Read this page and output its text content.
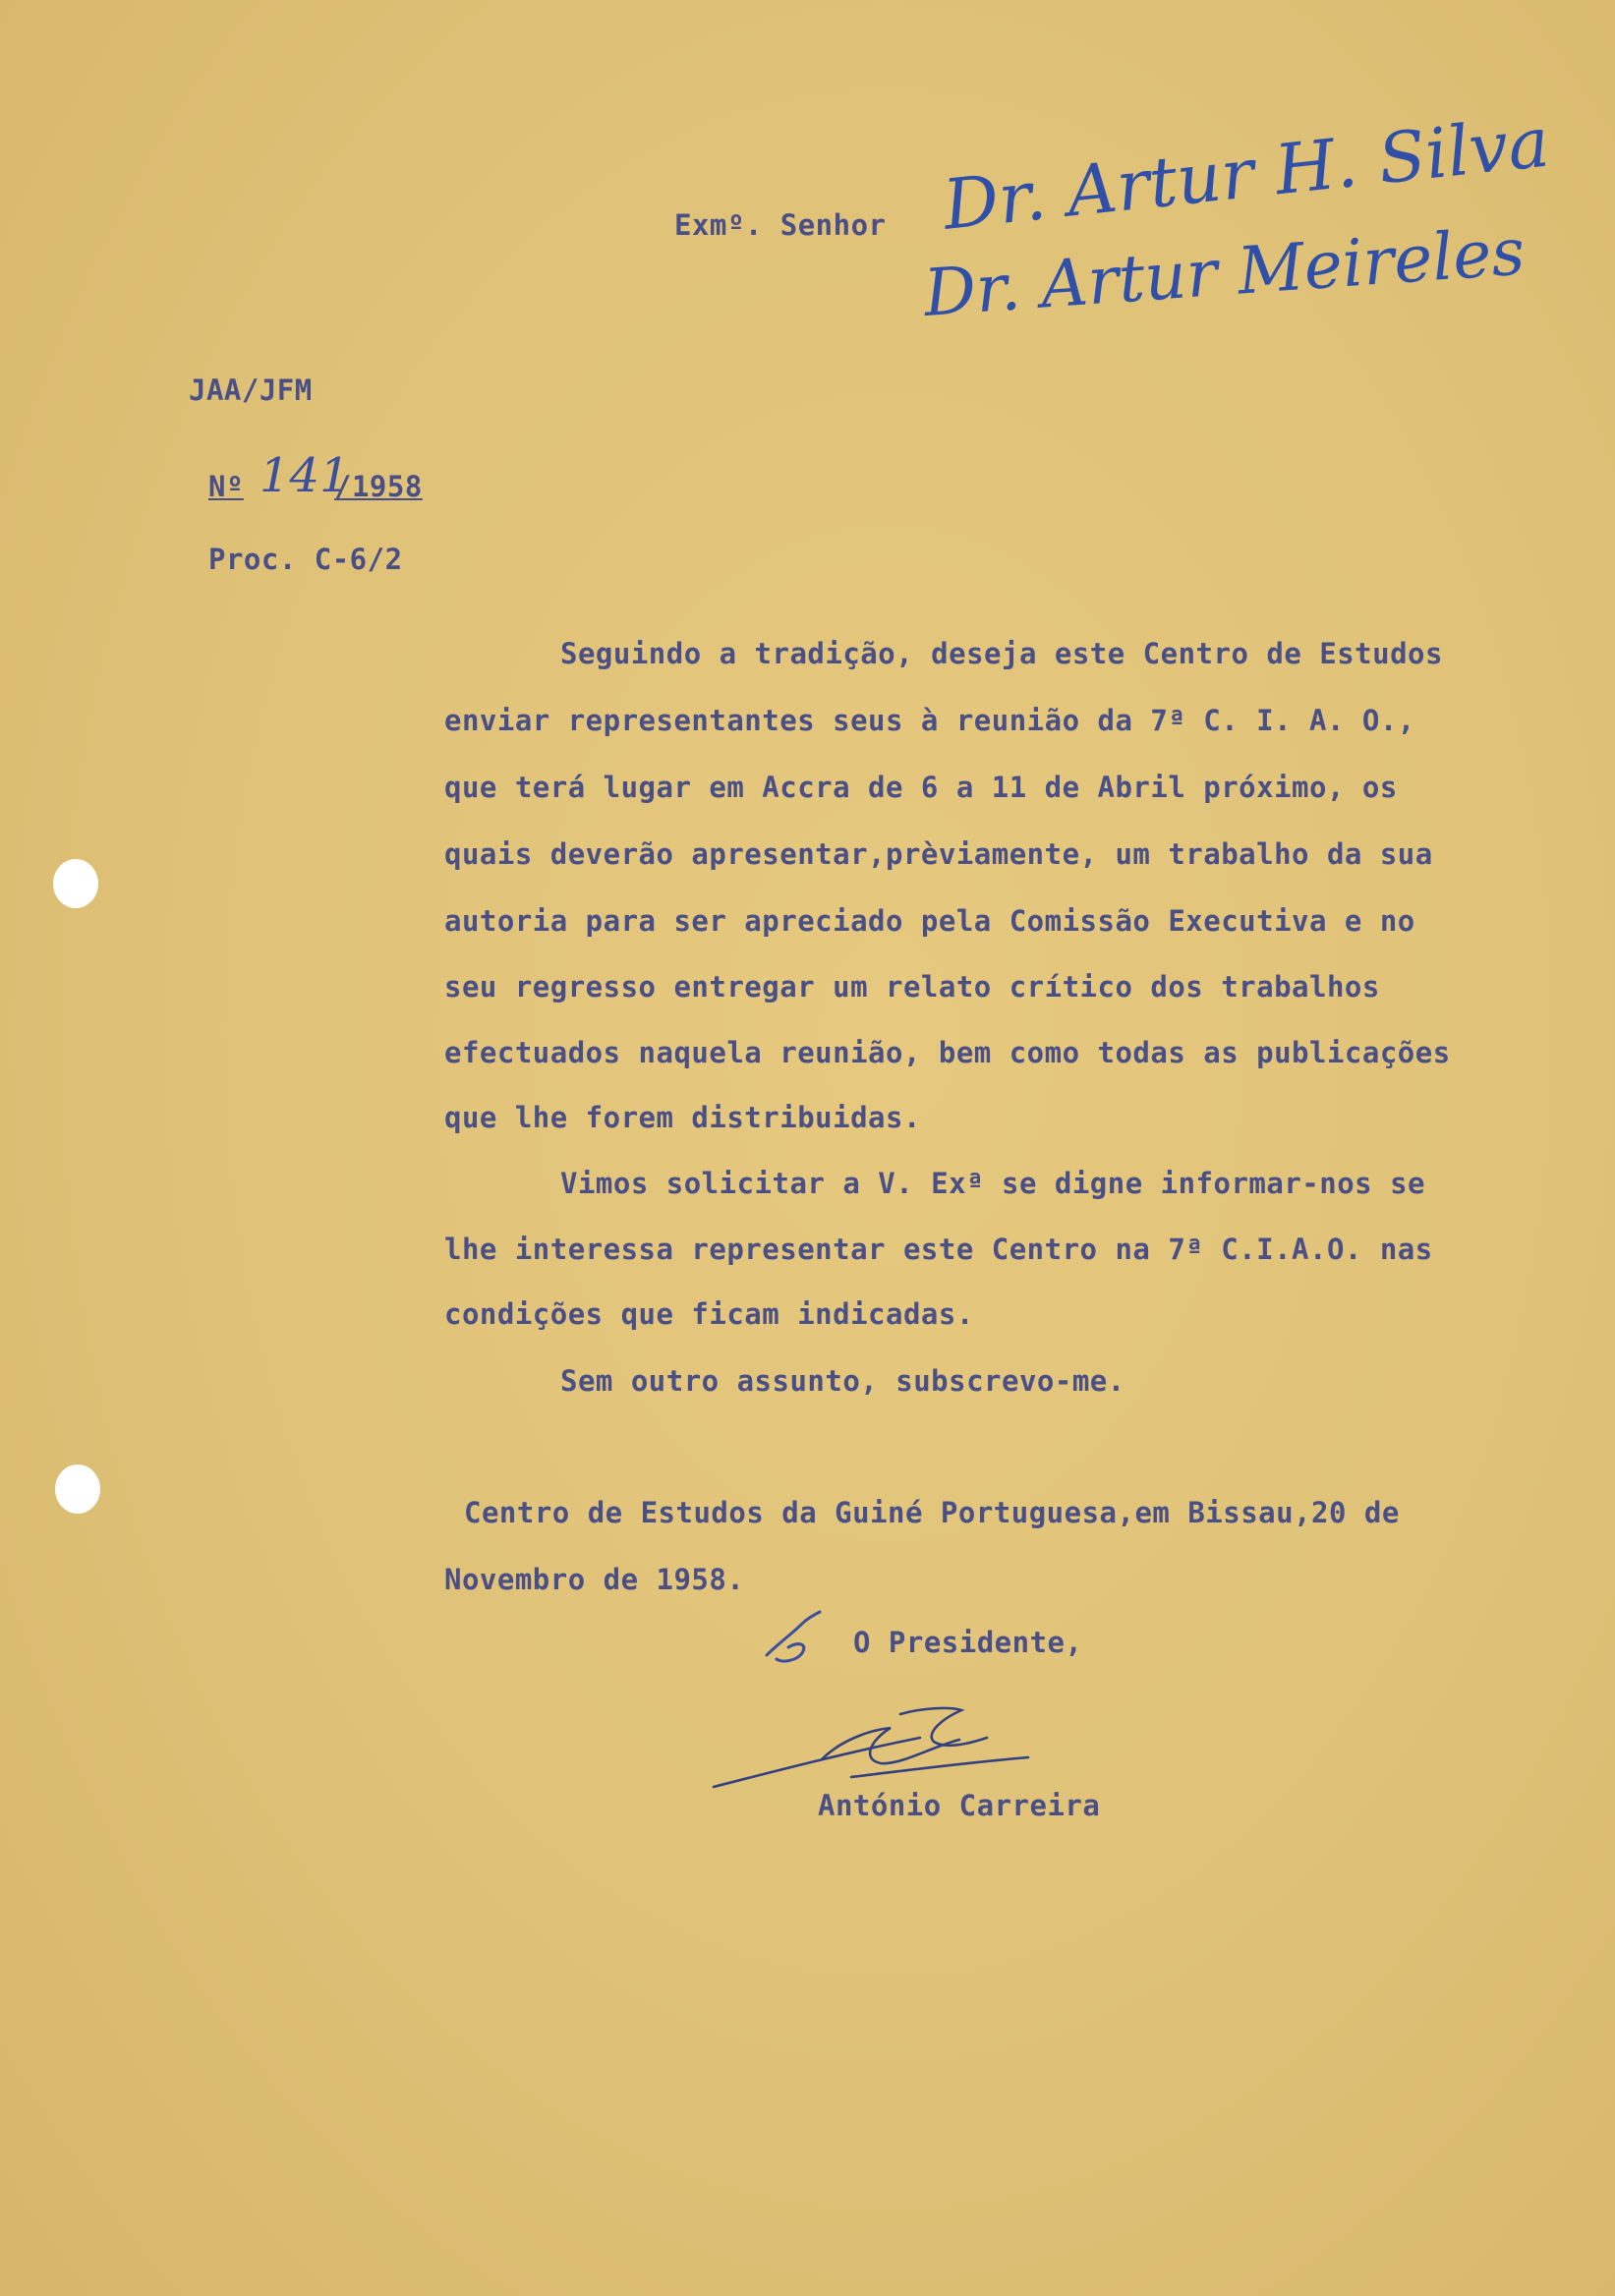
Exmº. Senhor Dr. Artur H. Silva
Dr. Artur Meireles
JAA/JFM
Nº 141
/1958
Proc. C-6/2
Seguindo a tradição, deseja este Centro de Estudos
enviar representantes seus à reunião da 7ª C. I. A. O.,
que terá lugar em Accra de 6 a 11 de Abril próximo, os
quais deverão apresentar,prèviamente, um trabalho da sua
autoria para ser apreciado pela Comissão Executiva e no
seu regresso entregar um relato crítico dos trabalhos
efectuados naquela reunião, bem como todas as publicações
que lhe forem distribuidas.
Vimos solicitar a V. Exª se digne informar-nos se
lhe interessa representar este Centro na 7ª C.I.A.O. nas
condições que ficam indicadas.
Sem outro assunto, subscrevo-me.
Centro de Estudos da Guiné Portuguesa,em Bissau,20 de
Novembro de 1958.
O Presidente,
António Carreira
